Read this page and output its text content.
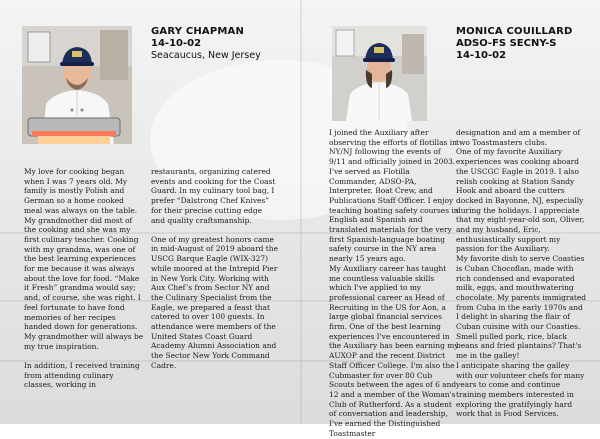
GARY CHAPMAN
14-10-02
Seacaucus, New Jersey

My love for cooking began when I was 7 years old. My family is mostly Polish and German so a home cooked meal was always on the table. My grandmother did most of the cooking and she was my first culinary teacher. Cooking with my grandma, was one of the best learning experiences for me because it was always about the love for food. “Make it Fresh” grandma would say; and, of course, she was right. I feel fortunate to have fond memories of her recipes handed down for generations. My grandmother will always be my true inspiration.

In addition, I received training from attending culinary classes, working in

restaurants, organizing catered events and cooking for the Coast Guard. In my culinary tool bag, I prefer “Dalstrong Chef Knives” for their precise cutting edge and quality craftsmanship.

One of my greatest honors came in mid-August of 2019 aboard the USCG Barque Eagle (WIX-327) while moored at the Intrepid Pier in New York City. Working with Aux Chef’s from Sector NY and the Culinary Specialist from the Eagle, we prepared a feast that catered to over 100 guests. In attendance were members of the United States Coast Guard Academy Alumni Association and the Sector New York Command Cadre.

MONICA COUILLARD
ADSO-FS SECNY-S
14-10-02

I joined the Auxiliary after observing the efforts of flotillas in NY/NJ following the events of 9/11 and officially joined in 2003. I've served as Flotilla Commander, ADSO-PA, Interpreter, Boat Crew, and Publications Staff Officer. I enjoy teaching boating safety courses in English and Spanish and translated materials for the very first Spanish-language boating safety course in the NY area nearly 15 years ago.

My Auxiliary career has taught me countless valuable skills which I've applied to my professional career as Head of Recruiting in the US for Aon, a large global financial services firm. One of the best learning experiences I've encountered in the Auxiliary has been earning my AUXOP and the recent District Staff Officer College. I'm also the Cubmaster for over 80 Cub Scouts between the ages of 6 and 12 and a member of the Woman's Club of Rutherford. As a student of conversation and leadership, I've earned the Distinguished Toastmaster

designation and am a member of two Toastmasters clubs.

One of my favorite Auxiliary experiences was cooking aboard the USCGC Eagle in 2019. I also relish cooking at Station Sandy Hook and aboard the cutters docked in Bayonne, NJ, especially during the holidays. I appreciate that my eight-year-old son, Oliver, and my husband, Eric, enthusiastically support my passion for the Auxiliary.

My favorite dish to serve Coasties is Cuban Chocoflan, made with rich condensed and evaporated milk, eggs, and mouthwatering chocolate. My parents immigrated from Cuba in the early 1970s and I delight in sharing the flair of Cuban cuisine with our Coasties. Smell pulled pork, rice, black beans and fried plantains? That's me in the galley!

I anticipate sharing the galley with our volunteer chefs for many years to come and continue training members interested in exploring the gratifyingly hard work that is Food Services.
